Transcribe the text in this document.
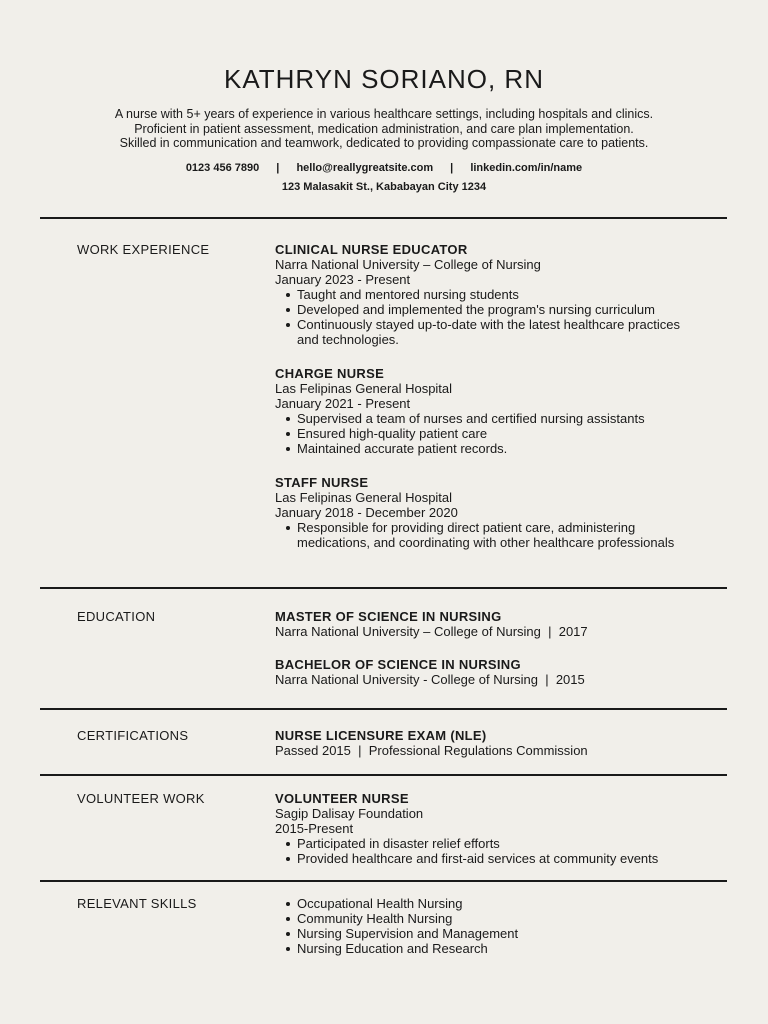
KATHRYN SORIANO, RN
A nurse with 5+ years of experience in various healthcare settings, including hospitals and clinics.
Proficient in patient assessment, medication administration, and care plan implementation.
Skilled in communication and teamwork, dedicated to providing compassionate care to patients.
0123 456 7890 | hello@reallygreatsite.com | linkedin.com/in/name
123 Malasakit St., Kababayan City 1234
WORK EXPERIENCE	CLINICAL NURSE EDUCATOR
Narra National University – College of Nursing
January 2023 - Present
Taught and mentored nursing students
Developed and implemented the program's nursing curriculum
Continuously stayed up-to-date with the latest healthcare practices and technologies.
CHARGE NURSE
Las Felipinas General Hospital
January 2021 - Present
Supervised a team of nurses and certified nursing assistants
Ensured high-quality patient care
Maintained accurate patient records.
STAFF NURSE
Las Felipinas General Hospital
January 2018 - December 2020
Responsible for providing direct patient care, administering medications, and coordinating with other healthcare professionals
EDUCATION	MASTER OF SCIENCE IN NURSING
Narra National University – College of Nursing  |  2017
BACHELOR OF SCIENCE IN NURSING
Narra National University - College of Nursing  |  2015
CERTIFICATIONS	NURSE LICENSURE EXAM (NLE)
Passed 2015  |  Professional Regulations Commission
VOLUNTEER WORK	VOLUNTEER NURSE
Sagip Dalisay Foundation
2015-Present
Participated in disaster relief efforts
Provided healthcare and first-aid services at community events
RELEVANT SKILLS	Occupational Health Nursing
Community Health Nursing
Nursing Supervision and Management
Nursing Education and Research
